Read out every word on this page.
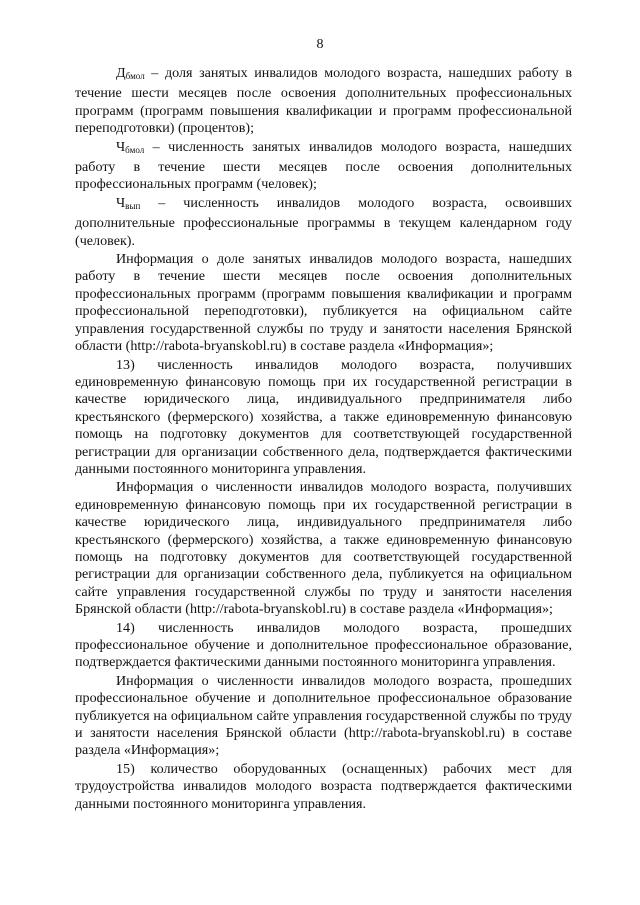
8

$Д_{бмол}$ – доля занятых инвалидов молодого возраста, нашедших работу в течение шести месяцев после освоения дополнительных профессиональных программ (программ повышения квалификации и программ профессиональной переподготовки) (процентов);

$Ч_{бмол}$ – численность занятых инвалидов молодого возраста, нашедших работу в течение шести месяцев после освоения дополнительных профессиональных программ (человек);

$Ч_{вып}$ – численность инвалидов молодого возраста, освоивших дополнительные профессиональные программы в текущем календарном году (человек).

Информация о доле занятых инвалидов молодого возраста, нашедших работу в течение шести месяцев после освоения дополнительных профессиональных программ (программ повышения квалификации и программ профессиональной переподготовки), публикуется на официальном сайте управления государственной службы по труду и занятости населения Брянской области (http://rabota-bryanskobl.ru) в составе раздела «Информация»;

13) численность инвалидов молодого возраста, получивших единовременную финансовую помощь при их государственной регистрации в качестве юридического лица, индивидуального предпринимателя либо крестьянского (фермерского) хозяйства, а также единовременную финансовую помощь на подготовку документов для соответствующей государственной регистрации для организации собственного дела, подтверждается фактическими данными постоянного мониторинга управления.

Информация о численности инвалидов молодого возраста, получивших единовременную финансовую помощь при их государственной регистрации в качестве юридического лица, индивидуального предпринимателя либо крестьянского (фермерского) хозяйства, а также единовременную финансовую помощь на подготовку документов для соответствующей государственной регистрации для организации собственного дела, публикуется на официальном сайте управления государственной службы по труду и занятости населения Брянской области (http://rabota-bryanskobl.ru) в составе раздела «Информация»;

14) численность инвалидов молодого возраста, прошедших профессиональное обучение и дополнительное профессиональное образование, подтверждается фактическими данными постоянного мониторинга управления.

Информация о численности инвалидов молодого возраста, прошедших профессиональное обучение и дополнительное профессиональное образование публикуется на официальном сайте управления государственной службы по труду и занятости населения Брянской области (http://rabota-bryanskobl.ru) в составе раздела «Информация»;

15) количество оборудованных (оснащенных) рабочих мест для трудоустройства инвалидов молодого возраста подтверждается фактическими данными постоянного мониторинга управления.
